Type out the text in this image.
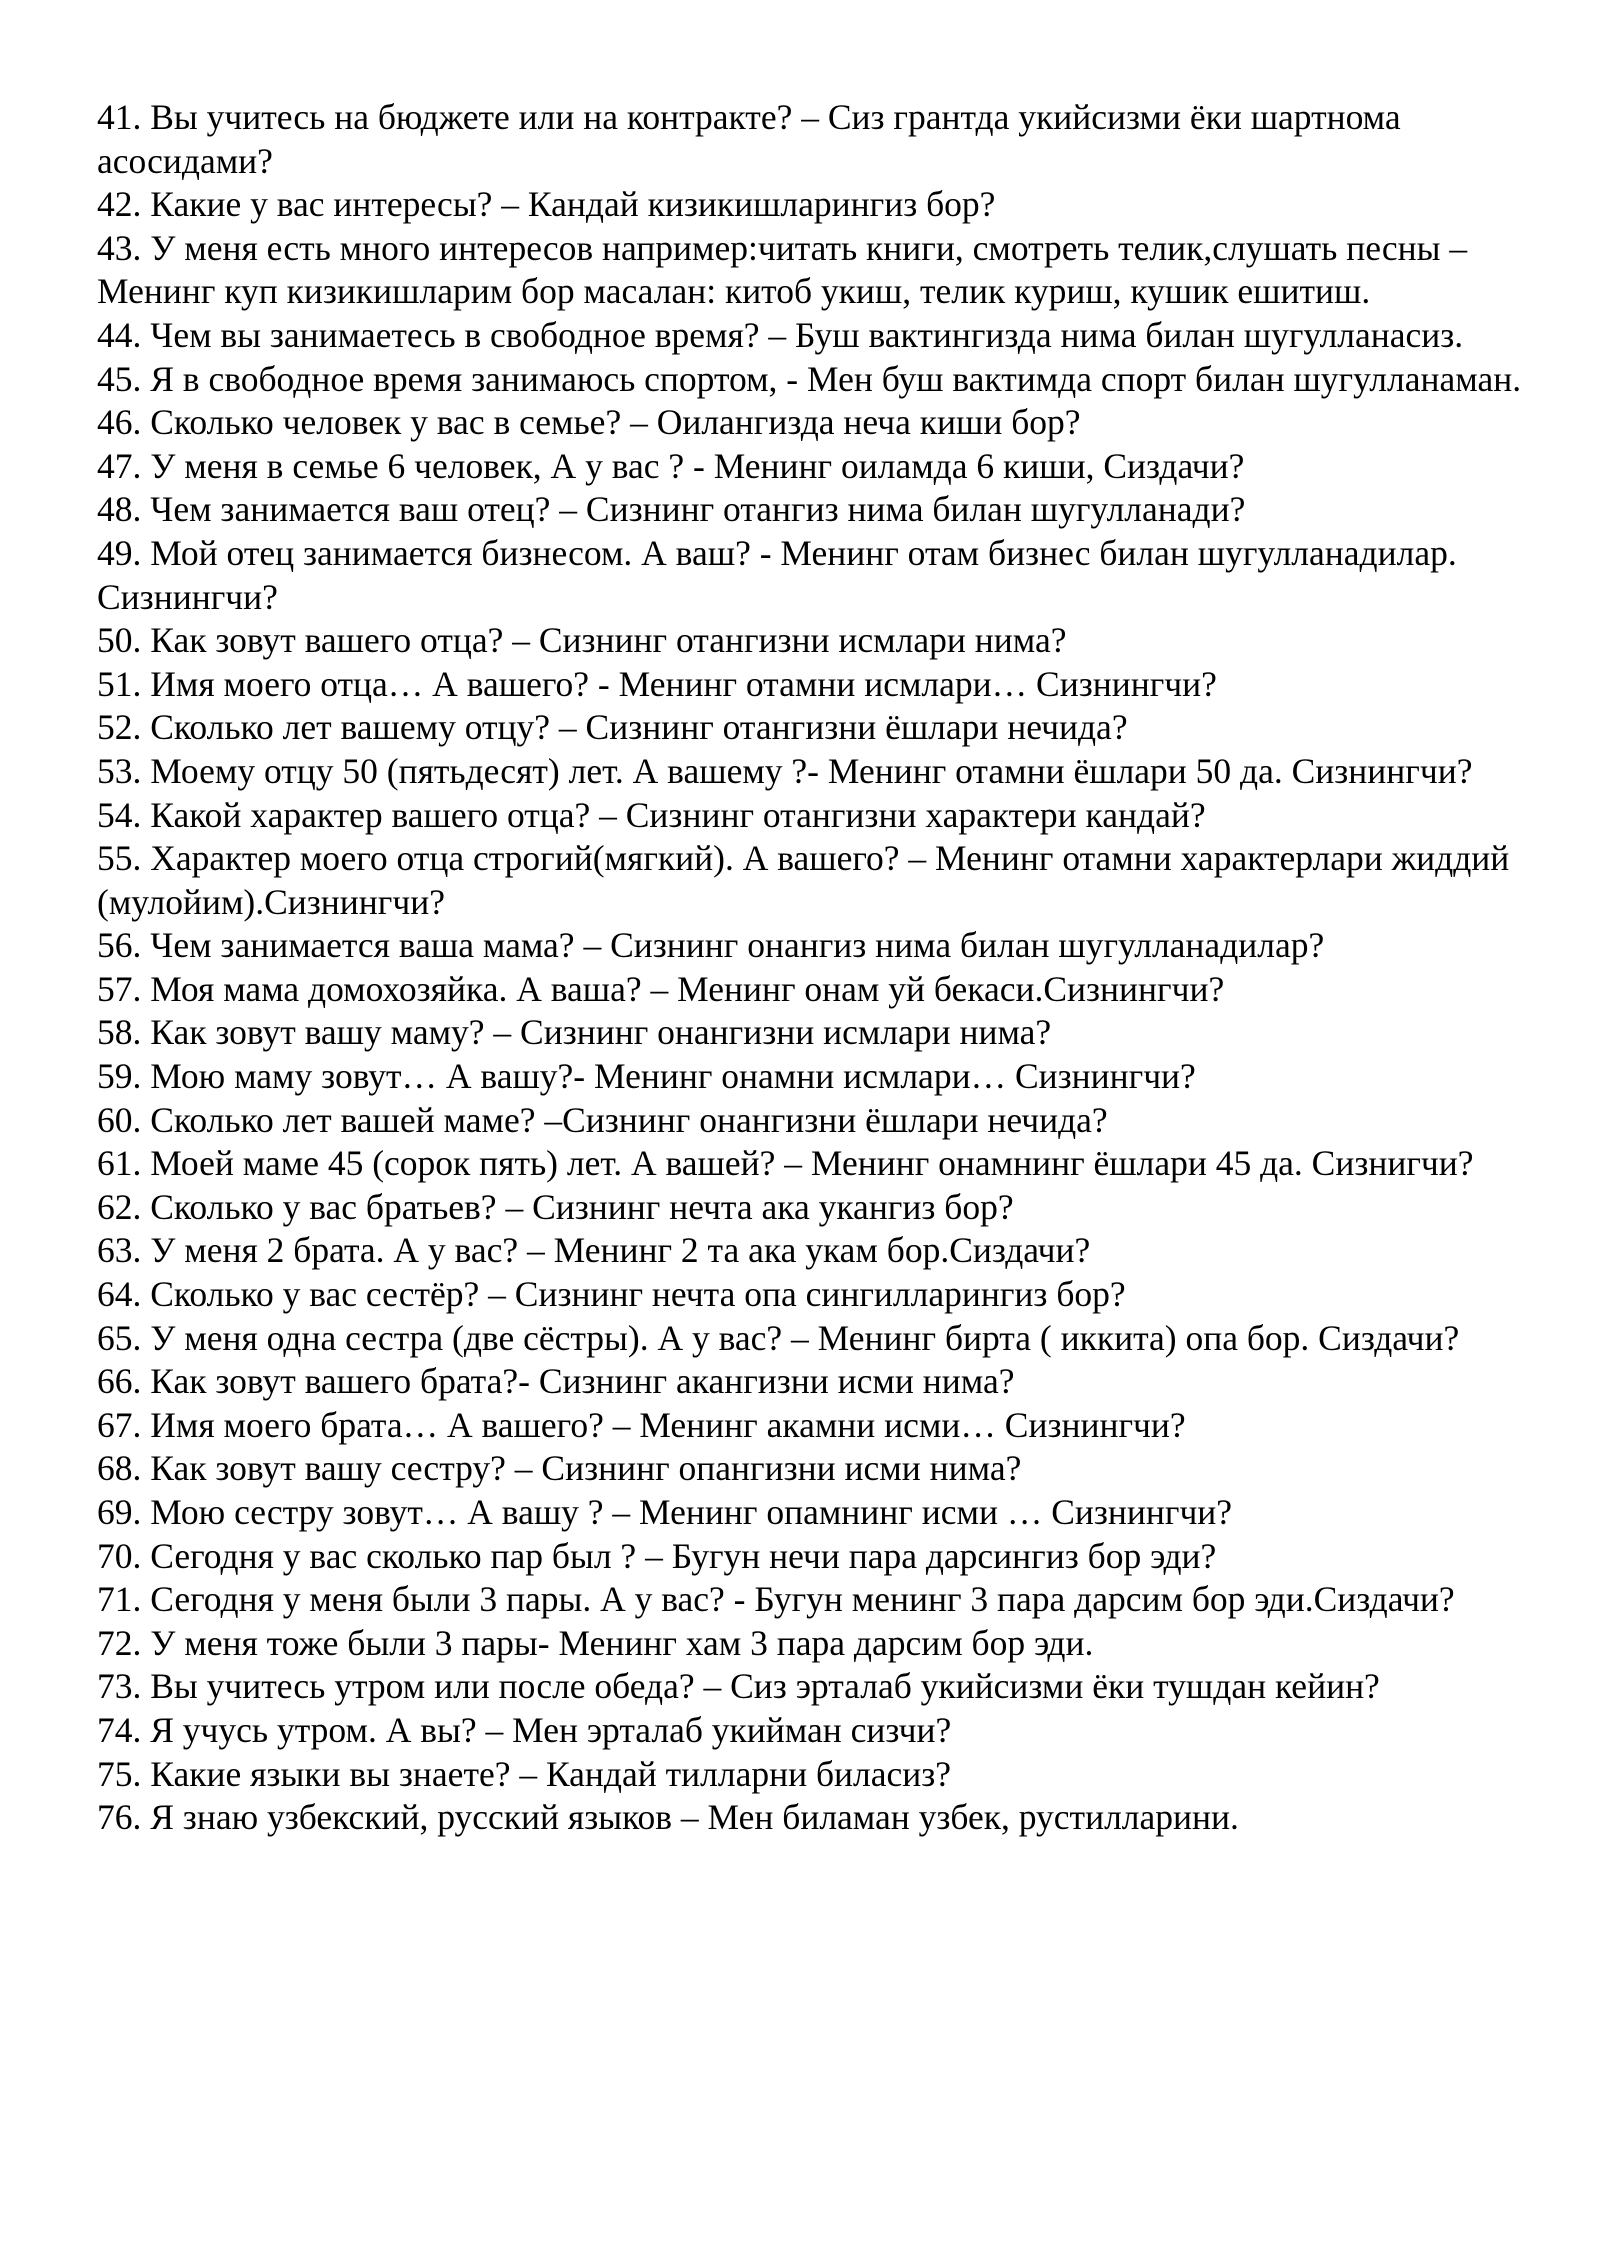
41. Вы учитесь на бюджете или на контракте? – Сиз грантда укийсизми ёки шартнома асосидами?

42. Какие у вас интересы? – Кандай кизикишларингиз бор?

43. У меня есть много интересов например:читать книги, смотреть телик,слушать песны – Менинг куп кизикишларим бор масалан: китоб укиш, телик куриш, кушик ешитиш.

44. Чем вы занимаетесь в свободное время? – Буш вактингизда нима билан шугулланасиз.

45. Я в свободное время занимаюсь спортом, - Мен буш вактимда спорт билан шугулланаман.

46. Сколько человек у вас в семье? – Оилангизда неча киши бор?

47. У меня в семье 6 человек, А у вас ? - Менинг оиламда 6 киши, Сиздачи?

48. Чем занимается ваш отец? – Сизнинг отангиз нима билан шугулланади?

49. Мой отец занимается бизнесом. А ваш? - Менинг отам бизнес билан шугулланадилар. Сизнингчи?

50. Как зовут вашего отца? – Сизнинг отангизни исмлари нима?

51. Имя моего отца… А вашего? - Менинг отамни исмлари… Сизнингчи?

52. Сколько лет вашему отцу? – Сизнинг отангизни ёшлари нечида?

53. Моему отцу 50 (пятьдесят) лет. А вашему ?- Менинг отамни ёшлари 50 да. Сизнингчи?

54. Какой характер вашего отца? – Сизнинг отангизни характери кандай?

55. Характер моего отца строгий(мягкий). А вашего? – Менинг отамни характерлари жиддий (мулойим).Сизнингчи?

56. Чем занимается ваша мама? – Сизнинг онангиз нима билан шугулланадилар?

57. Моя мама домохозяйка. А ваша? – Менинг онам уй бекаси.Сизнингчи?

58. Как зовут вашу маму? – Сизнинг онангизни исмлари нима?

59. Мою маму зовут… А вашу?- Менинг онамни исмлари… Сизнингчи?

60. Сколько лет вашей маме? –Сизнинг онангизни ёшлари нечида?

61. Моей маме 45 (сорок пять) лет. А вашей? – Менинг онамнинг ёшлари 45 да. Сизнигчи?

62. Сколько у вас братьев? – Сизнинг нечта ака укангиз бор?

63. У меня 2 брата. А у вас? – Менинг 2 та ака укам бор.Сиздачи?

64. Сколько у вас сестёр? – Сизнинг нечта опа сингилларингиз бор?

65. У меня одна сестра (две сёстры). А у вас? – Менинг бирта ( иккита) опа бор. Сиздачи?

66. Как зовут вашего брата?- Сизнинг акангизни исми нима?

67. Имя моего брата… А вашего? – Менинг акамни исми… Сизнингчи?

68. Как зовут вашу сестру? – Сизнинг опангизни исми нима?

69. Мою сестру зовут… А вашу ? – Менинг опамнинг исми … Сизнингчи?

70. Сегодня у вас сколько пар был ? – Бугун нечи пара дарсингиз бор эди?

71. Сегодня у меня были 3 пары. А у вас? - Бугун менинг 3 пара дарсим бор эди.Сиздачи?

72. У меня тоже были 3 пары- Менинг хам 3 пара дарсим бор эди.

73. Вы учитесь утром или после обеда? – Сиз эрталаб укийсизми ёки тушдан кейин?

74. Я учусь утром. А вы? – Мен эрталаб укийман сизчи?

75. Какие языки вы знаете? – Кандай тилларни биласиз?

76. Я знаю узбекский, русский языков – Мен биламан узбек, рустилларини.
